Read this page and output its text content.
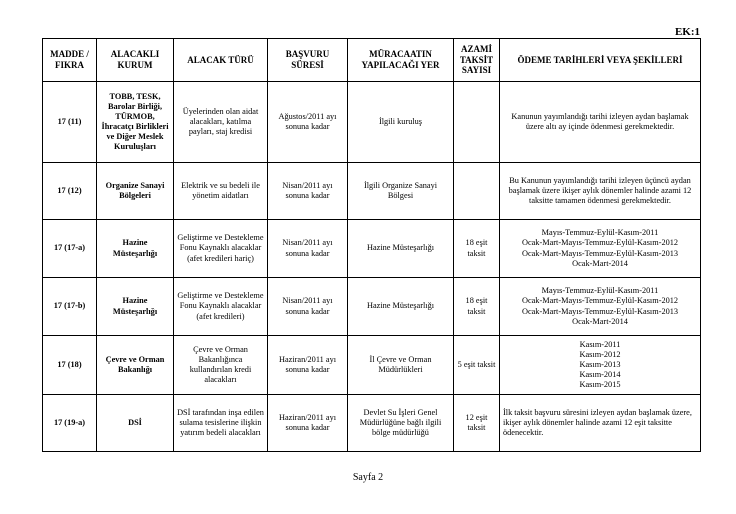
EK:1
MADDE / FIKRA	ALACAKLI KURUM	ALACAK TÜRÜ	BAŞVURU SÜRESİ	MÜRACAATIN YAPILACAĞI YER	AZAMİ TAKSİT SAYISI	ÖDEME TARİHLERİ VEYA ŞEKİLLERİ
17 (11)	TOBB, TESK, Barolar Birliği, TÜRMOB, İhracatçı Birlikleri ve Diğer Meslek Kuruluşları	Üyelerinden olan aidat alacakları, katılma payları, staj kredisi	Ağustos/2011 ayı sonuna kadar	İlgili kuruluş		Kanunun yayımlandığı tarihi izleyen aydan başlamak üzere altı ay içinde ödenmesi gerekmektedir.

17 (12)	Organize Sanayi Bölgeleri	Elektrik ve su bedeli ile yönetim aidatları	Nisan/2011 ayı sonuna kadar	İlgili Organize Sanayi Bölgesi		Bu Kanunun yayımlandığı tarihi izleyen üçüncü aydan başlamak üzere ikişer aylık dönemler halinde azami 12 taksitte tamamen ödenmesi gerekmektedir.

17 (17-a)	Hazine Müsteşarlığı	Geliştirme ve Destekleme Fonu Kaynaklı alacaklar (afet kredileri hariç)	Nisan/2011 ayı sonuna kadar	Hazine Müsteşarlığı	18 eşit taksit	Mayıs-Temmuz-Eylül-Kasım-2011
Ocak-Mart-Mayıs-Temmuz-Eylül-Kasım-2012
Ocak-Mart-Mayıs-Temmuz-Eylül-Kasım-2013
Ocak-Mart-2014

17 (17-b)	Hazine Müsteşarlığı	Geliştirme ve Destekleme Fonu Kaynaklı alacaklar (afet kredileri)	Nisan/2011 ayı sonuna kadar	Hazine Müsteşarlığı	18 eşit taksit	Mayıs-Temmuz-Eylül-Kasım-2011
Ocak-Mart-Mayıs-Temmuz-Eylül-Kasım-2012
Ocak-Mart-Mayıs-Temmuz-Eylül-Kasım-2013
Ocak-Mart-2014

17 (18)	Çevre ve Orman Bakanlığı	Çevre ve Orman Bakanlığınca kullandırılan kredi alacakları	Haziran/2011 ayı sonuna kadar	İl Çevre ve Orman Müdürlükleri	5 eşit taksit	Kasım-2011
Kasım-2012
Kasım-2013
Kasım-2014
Kasım-2015

17 (19-a)	DSİ	DSİ tarafından inşa edilen sulama tesislerine ilişkin yatırım bedeli alacakları	Haziran/2011 ayı sonuna kadar	Devlet Su İşleri Genel Müdürlüğüne bağlı ilgili bölge müdürlüğü	12 eşit taksit	İlk taksit başvuru süresini izleyen aydan başlamak üzere, ikişer aylık dönemler halinde azami 12 eşit taksitte ödenecektir.
Sayfa 2
